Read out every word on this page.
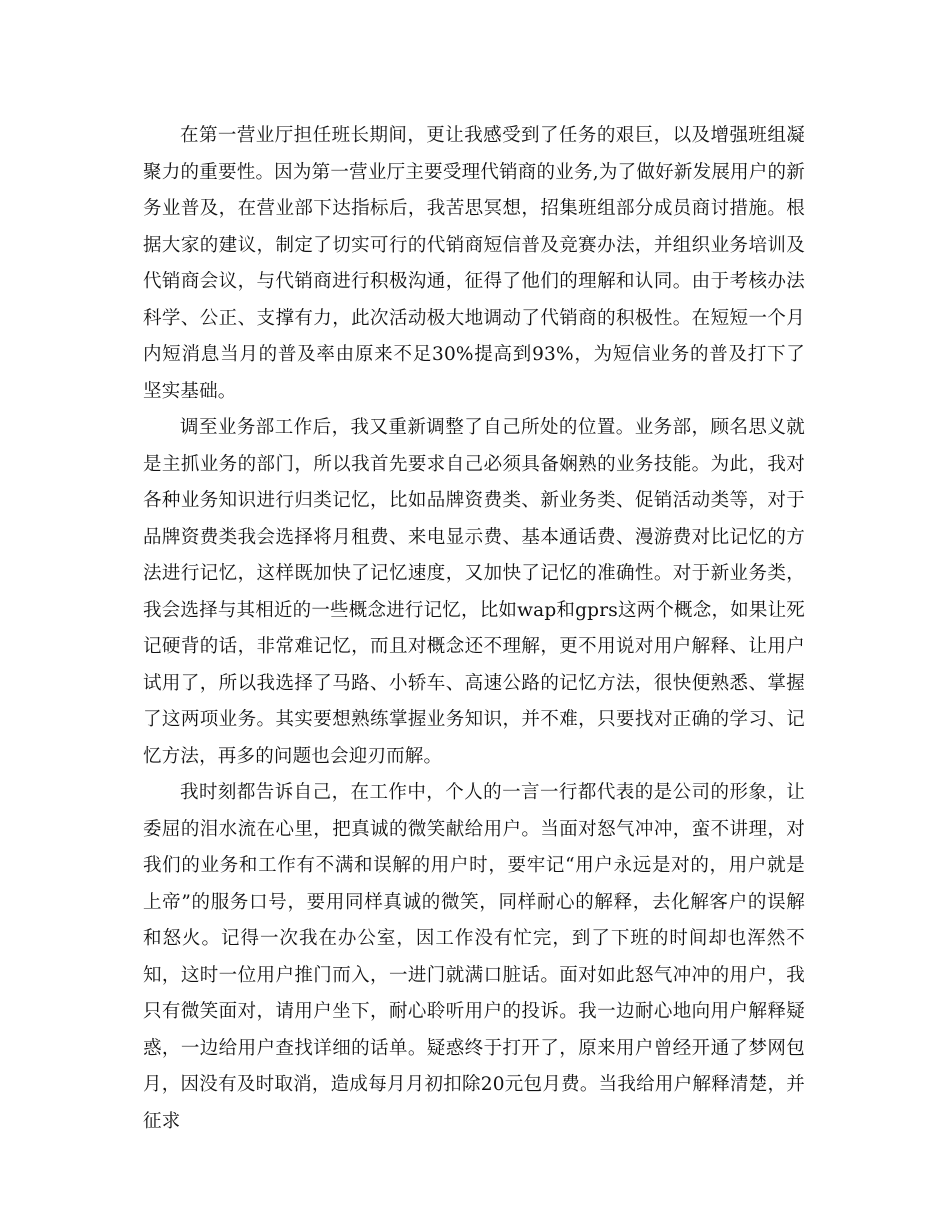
在第一营业厅担任班长期间，更让我感受到了任务的艰巨，以及增强班组凝聚力的重要性。因为第一营业厅主要受理代销商的业务,为了做好新发展用户的新务业普及，在营业部下达指标后，我苦思冥想，招集班组部分成员商讨措施。根据大家的建议，制定了切实可行的代销商短信普及竞赛办法，并组织业务培训及代销商会议，与代销商进行积极沟通，征得了他们的理解和认同。由于考核办法科学、公正、支撑有力，此次活动极大地调动了代销商的积极性。在短短一个月内短消息当月的普及率由原来不足30%提高到93%，为短信业务的普及打下了坚实基础。

调至业务部工作后，我又重新调整了自己所处的位置。业务部，顾名思义就是主抓业务的部门，所以我首先要求自己必须具备娴熟的业务技能。为此，我对各种业务知识进行归类记忆，比如品牌资费类、新业务类、促销活动类等，对于品牌资费类我会选择将月租费、来电显示费、基本通话费、漫游费对比记忆的方法进行记忆，这样既加快了记忆速度，又加快了记忆的准确性。对于新业务类，我会选择与其相近的一些概念进行记忆，比如wap和gprs这两个概念，如果让死记硬背的话，非常难记忆，而且对概念还不理解，更不用说对用户解释、让用户试用了，所以我选择了马路、小轿车、高速公路的记忆方法，很快便熟悉、掌握了这两项业务。其实要想熟练掌握业务知识，并不难，只要找对正确的学习、记忆方法，再多的问题也会迎刃而解。

我时刻都告诉自己，在工作中，个人的一言一行都代表的是公司的形象，让委屈的泪水流在心里，把真诚的微笑献给用户。当面对怒气冲冲，蛮不讲理，对我们的业务和工作有不满和误解的用户时，要牢记“用户永远是对的，用户就是上帝”的服务口号，要用同样真诚的微笑，同样耐心的解释，去化解客户的误解和怒火。记得一次我在办公室，因工作没有忙完，到了下班的时间却也浑然不知，这时一位用户推门而入，一进门就满口脏话。面对如此怒气冲冲的用户，我只有微笑面对，请用户坐下，耐心聆听用户的投诉。我一边耐心地向用户解释疑惑，一边给用户查找详细的话单。疑惑终于打开了，原来用户曾经开通了梦网包月，因没有及时取消，造成每月月初扣除20元包月费。当我给用户解释清楚，并征求
